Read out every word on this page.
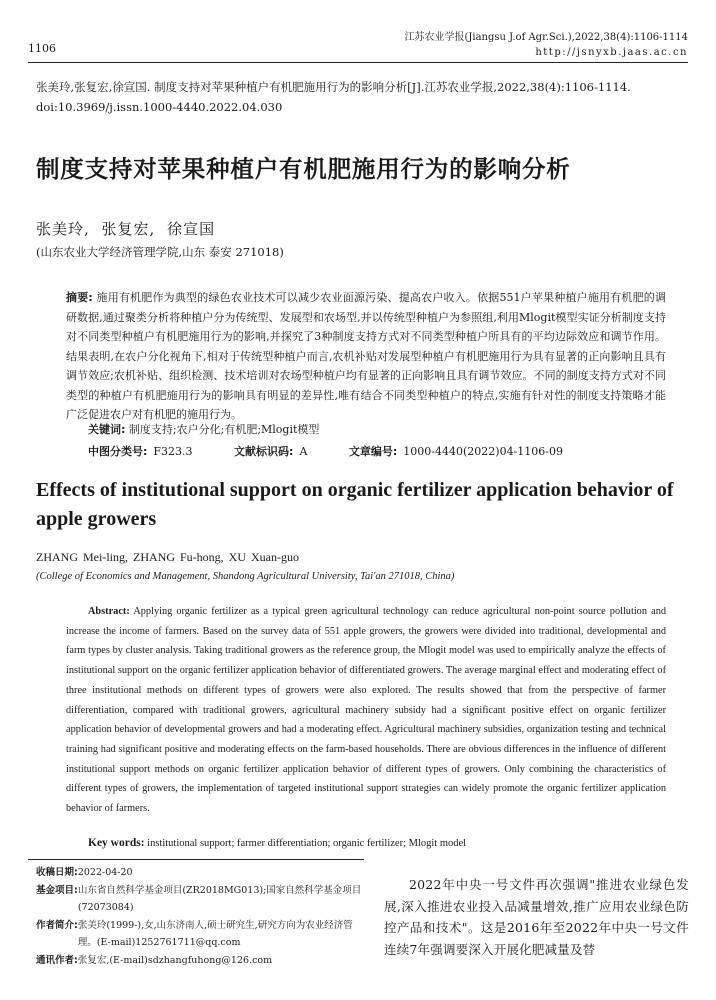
1106
江苏农业学报(Jiangsu J.of Agr.Sci.),2022,38(4):1106-1114
http://jsnyxb.jaas.ac.cn
张美玲,张复宏,徐宣国. 制度支持对苹果种植户有机肥施用行为的影响分析[J].江苏农业学报,2022,38(4):1106-1114. doi:10.3969/j.issn.1000-4440.2022.04.030
制度支持对苹果种植户有机肥施用行为的影响分析
张美玲, 张复宏, 徐宣国
(山东农业大学经济管理学院,山东 泰安 271018)
摘要: 施用有机肥作为典型的绿色农业技术可以减少农业面源污染、提高农户收入。依据551户苹果种植户施用有机肥的调研数据,通过聚类分析将种植户分为传统型、发展型和农场型,并以传统型种植户为参照组,利用Mlogit模型实证分析制度支持对不同类型种植户有机肥施用行为的影响,并探究了3种制度支持方式对不同类型种植户所具有的平均边际效应和调节作用。结果表明,在农户分化视角下,相对于传统型种植户而言,农机补贴对发展型种植户有机肥施用行为具有显著的正向影响且具有调节效应;农机补贴、组织检测、技术培训对农场型种植户均有显著的正向影响且具有调节效应。不同的制度支持方式对不同类型的种植户有机肥施用行为的影响具有明显的差异性,唯有结合不同类型种植户的特点,实施有针对性的制度支持策略才能广泛促进农户对有机肥的施用行为。
关键词: 制度支持;农户分化;有机肥;Mlogit模型
中图分类号: F323.3	文献标识码: A	文章编号: 1000-4440(2022)04-1106-09
Effects of institutional support on organic fertilizer application behavior of apple growers
ZHANG Mei-ling, ZHANG Fu-hong, XU Xuan-guo
(College of Economics and Management, Shandong Agricultural University, Tai'an 271018, China)
Abstract: Applying organic fertilizer as a typical green agricultural technology can reduce agricultural non-point source pollution and increase the income of farmers. Based on the survey data of 551 apple growers, the growers were divided into traditional, developmental and farm types by cluster analysis. Taking traditional growers as the reference group, the Mlogit model was used to empirically analyze the effects of institutional support on the organic fertilizer application behavior of differentiated growers. The average marginal effect and moderating effect of three institutional methods on different types of growers were also explored. The results showed that from the perspective of farmer differentiation, compared with traditional growers, agricultural machinery subsidy had a significant positive effect on organic fertilizer application behavior of developmental growers and had a moderating effect. Agricultural machinery subsidies, organization testing and technical training had significant positive and moderating effects on the farm-based households. There are obvious differences in the influence of different institutional support methods on organic fertilizer application behavior of different types of growers. Only combining the characteristics of different types of growers, the implementation of targeted institutional support strategies can widely promote the organic fertilizer application behavior of farmers.
Key words: institutional support; farmer differentiation; organic fertilizer; Mlogit model
收稿日期: 2022-04-20
基金项目: 山东省自然科学基金项目(ZR2018MG013);国家自然科学基金项目(72073084)
作者简介: 张美玲(1999-),女,山东济南人,硕士研究生,研究方向为农业经济管理。(E-mail)1252761711@qq.com
通讯作者: 张复宏,(E-mail)sdzhangfuhong@126.com
2022年中央一号文件再次强调"推进农业绿色发展,深入推进农业投入品减量增效,推广应用农业绿色防控产品和技术"。这是2016年至2022年中央一号文件连续7年强调要深入开展化肥减量及替
